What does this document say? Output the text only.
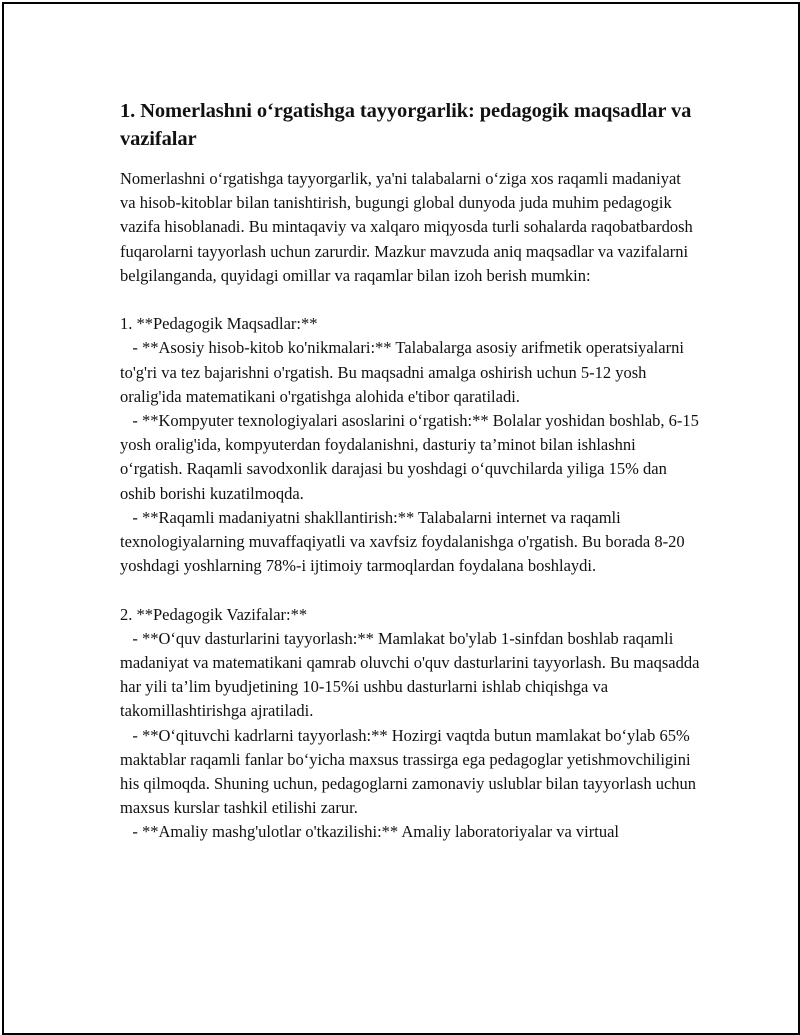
1. Nomerlashni o‘rgatishga tayyorgarlik: pedagogik maqsadlar va vazifalar

Nomerlashni o‘rgatishga tayyorgarlik, ya'ni talabalarni o‘ziga xos raqamli madaniyat va hisob-kitoblar bilan tanishtirish, bugungi global dunyoda juda muhim pedagogik vazifa hisoblanadi. Bu mintaqaviy va xalqaro miqyosda turli sohalarda raqobatbardosh fuqarolarni tayyorlash uchun zarurdir. Mazkur mavzuda aniq maqsadlar va vazifalarni belgilanganda, quyidagi omillar va raqamlar bilan izoh berish mumkin:

1. **Pedagogik Maqsadlar:**

- **Asosiy hisob-kitob ko'nikmalari:** Talabalarga asosiy arifmetik operatsiyalarni to'g'ri va tez bajarishni o'rgatish. Bu maqsadni amalga oshirish uchun 5-12 yosh oralig'ida matematikani o'rgatishga alohida e'tibor qaratiladi.

- **Kompyuter texnologiyalari asoslarini o‘rgatish:** Bolalar yoshidan boshlab, 6-15 yosh oralig'ida, kompyuterdan foydalanishni, dasturiy ta’minot bilan ishlashni o‘rgatish. Raqamli savodxonlik darajasi bu yoshdagi o‘quvchilarda yiliga 15% dan oshib borishi kuzatilmoqda.

- **Raqamli madaniyatni shakllantirish:** Talabalarni internet va raqamli texnologiyalarning muvaffaqiyatli va xavfsiz foydalanishga o'rgatish. Bu borada 8-20 yoshdagi yoshlarning 78%-i ijtimoiy tarmoqlardan foydalana boshlaydi.

2. **Pedagogik Vazifalar:**

- **O‘quv dasturlarini tayyorlash:** Mamlakat bo'ylab 1-sinfdan boshlab raqamli madaniyat va matematikani qamrab oluvchi o'quv dasturlarini tayyorlash. Bu maqsadda har yili ta’lim byudjetining 10-15%i ushbu dasturlarni ishlab chiqishga va takomillashtirishga ajratiladi.

- **O‘qituvchi kadrlarni tayyorlash:** Hozirgi vaqtda butun mamlakat bo‘ylab 65% maktablar raqamli fanlar bo‘yicha maxsus trassirga ega pedagoglar yetishmovchiligini his qilmoqda. Shuning uchun, pedagoglarni zamonaviy uslublar bilan tayyorlash uchun maxsus kurslar tashkil etilishi zarur.

- **Amaliy mashg'ulotlar o'tkazilishi:** Amaliy laboratoriyalar va virtual
